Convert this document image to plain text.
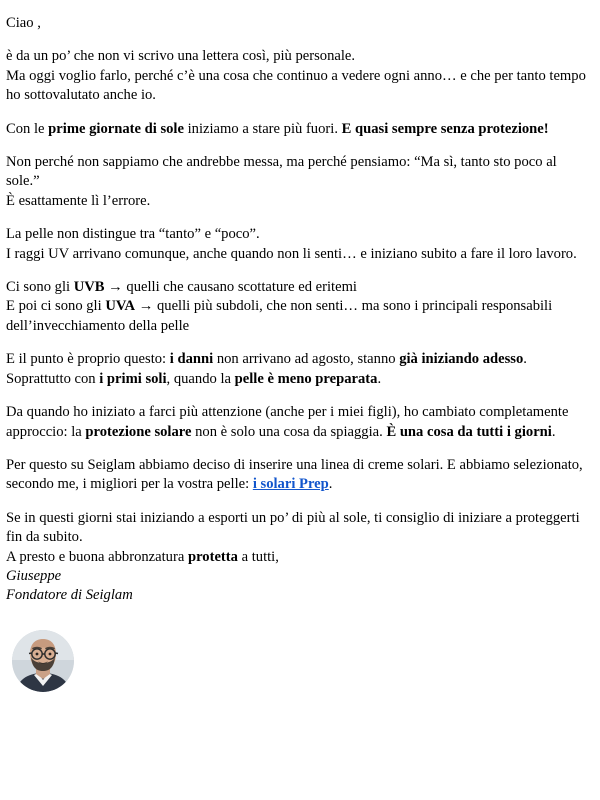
Ciao ,

è da un po’ che non vi scrivo una lettera così, più personale.
Ma oggi voglio farlo, perché c’è una cosa che continuo a vedere ogni anno… e che per tanto tempo ho sottovalutato anche io.

Con le prime giornate di sole iniziamo a stare più fuori. E quasi sempre senza protezione!

Non perché non sappiamo che andrebbe messa, ma perché pensiamo: “Ma sì, tanto sto poco al sole.”
È esattamente lì l’errore.

La pelle non distingue tra “tanto” e “poco”.
I raggi UV arrivano comunque, anche quando non li senti… e iniziano subito a fare il loro lavoro.

Ci sono gli UVB → quelli che causano scottature ed eritemi
E poi ci sono gli UVA → quelli più subdoli, che non senti… ma sono i principali responsabili dell’invecchiamento della pelle

E il punto è proprio questo: i danni non arrivano ad agosto, stanno già iniziando adesso.
Soprattutto con i primi soli, quando la pelle è meno preparata.

Da quando ho iniziato a farci più attenzione (anche per i miei figli), ho cambiato completamente approccio: la protezione solare non è solo una cosa da spiaggia. È una cosa da tutti i giorni.

Per questo su Seiglam abbiamo deciso di inserire una linea di creme solari. E abbiamo selezionato, secondo me, i migliori per la vostra pelle: i solari Prep.

Se in questi giorni stai iniziando a esporti un po’ di più al sole, ti consiglio di iniziare a proteggerti fin da subito.
A presto e buona abbronzatura protetta a tutti,

Giuseppe

Fondatore di Seiglam
